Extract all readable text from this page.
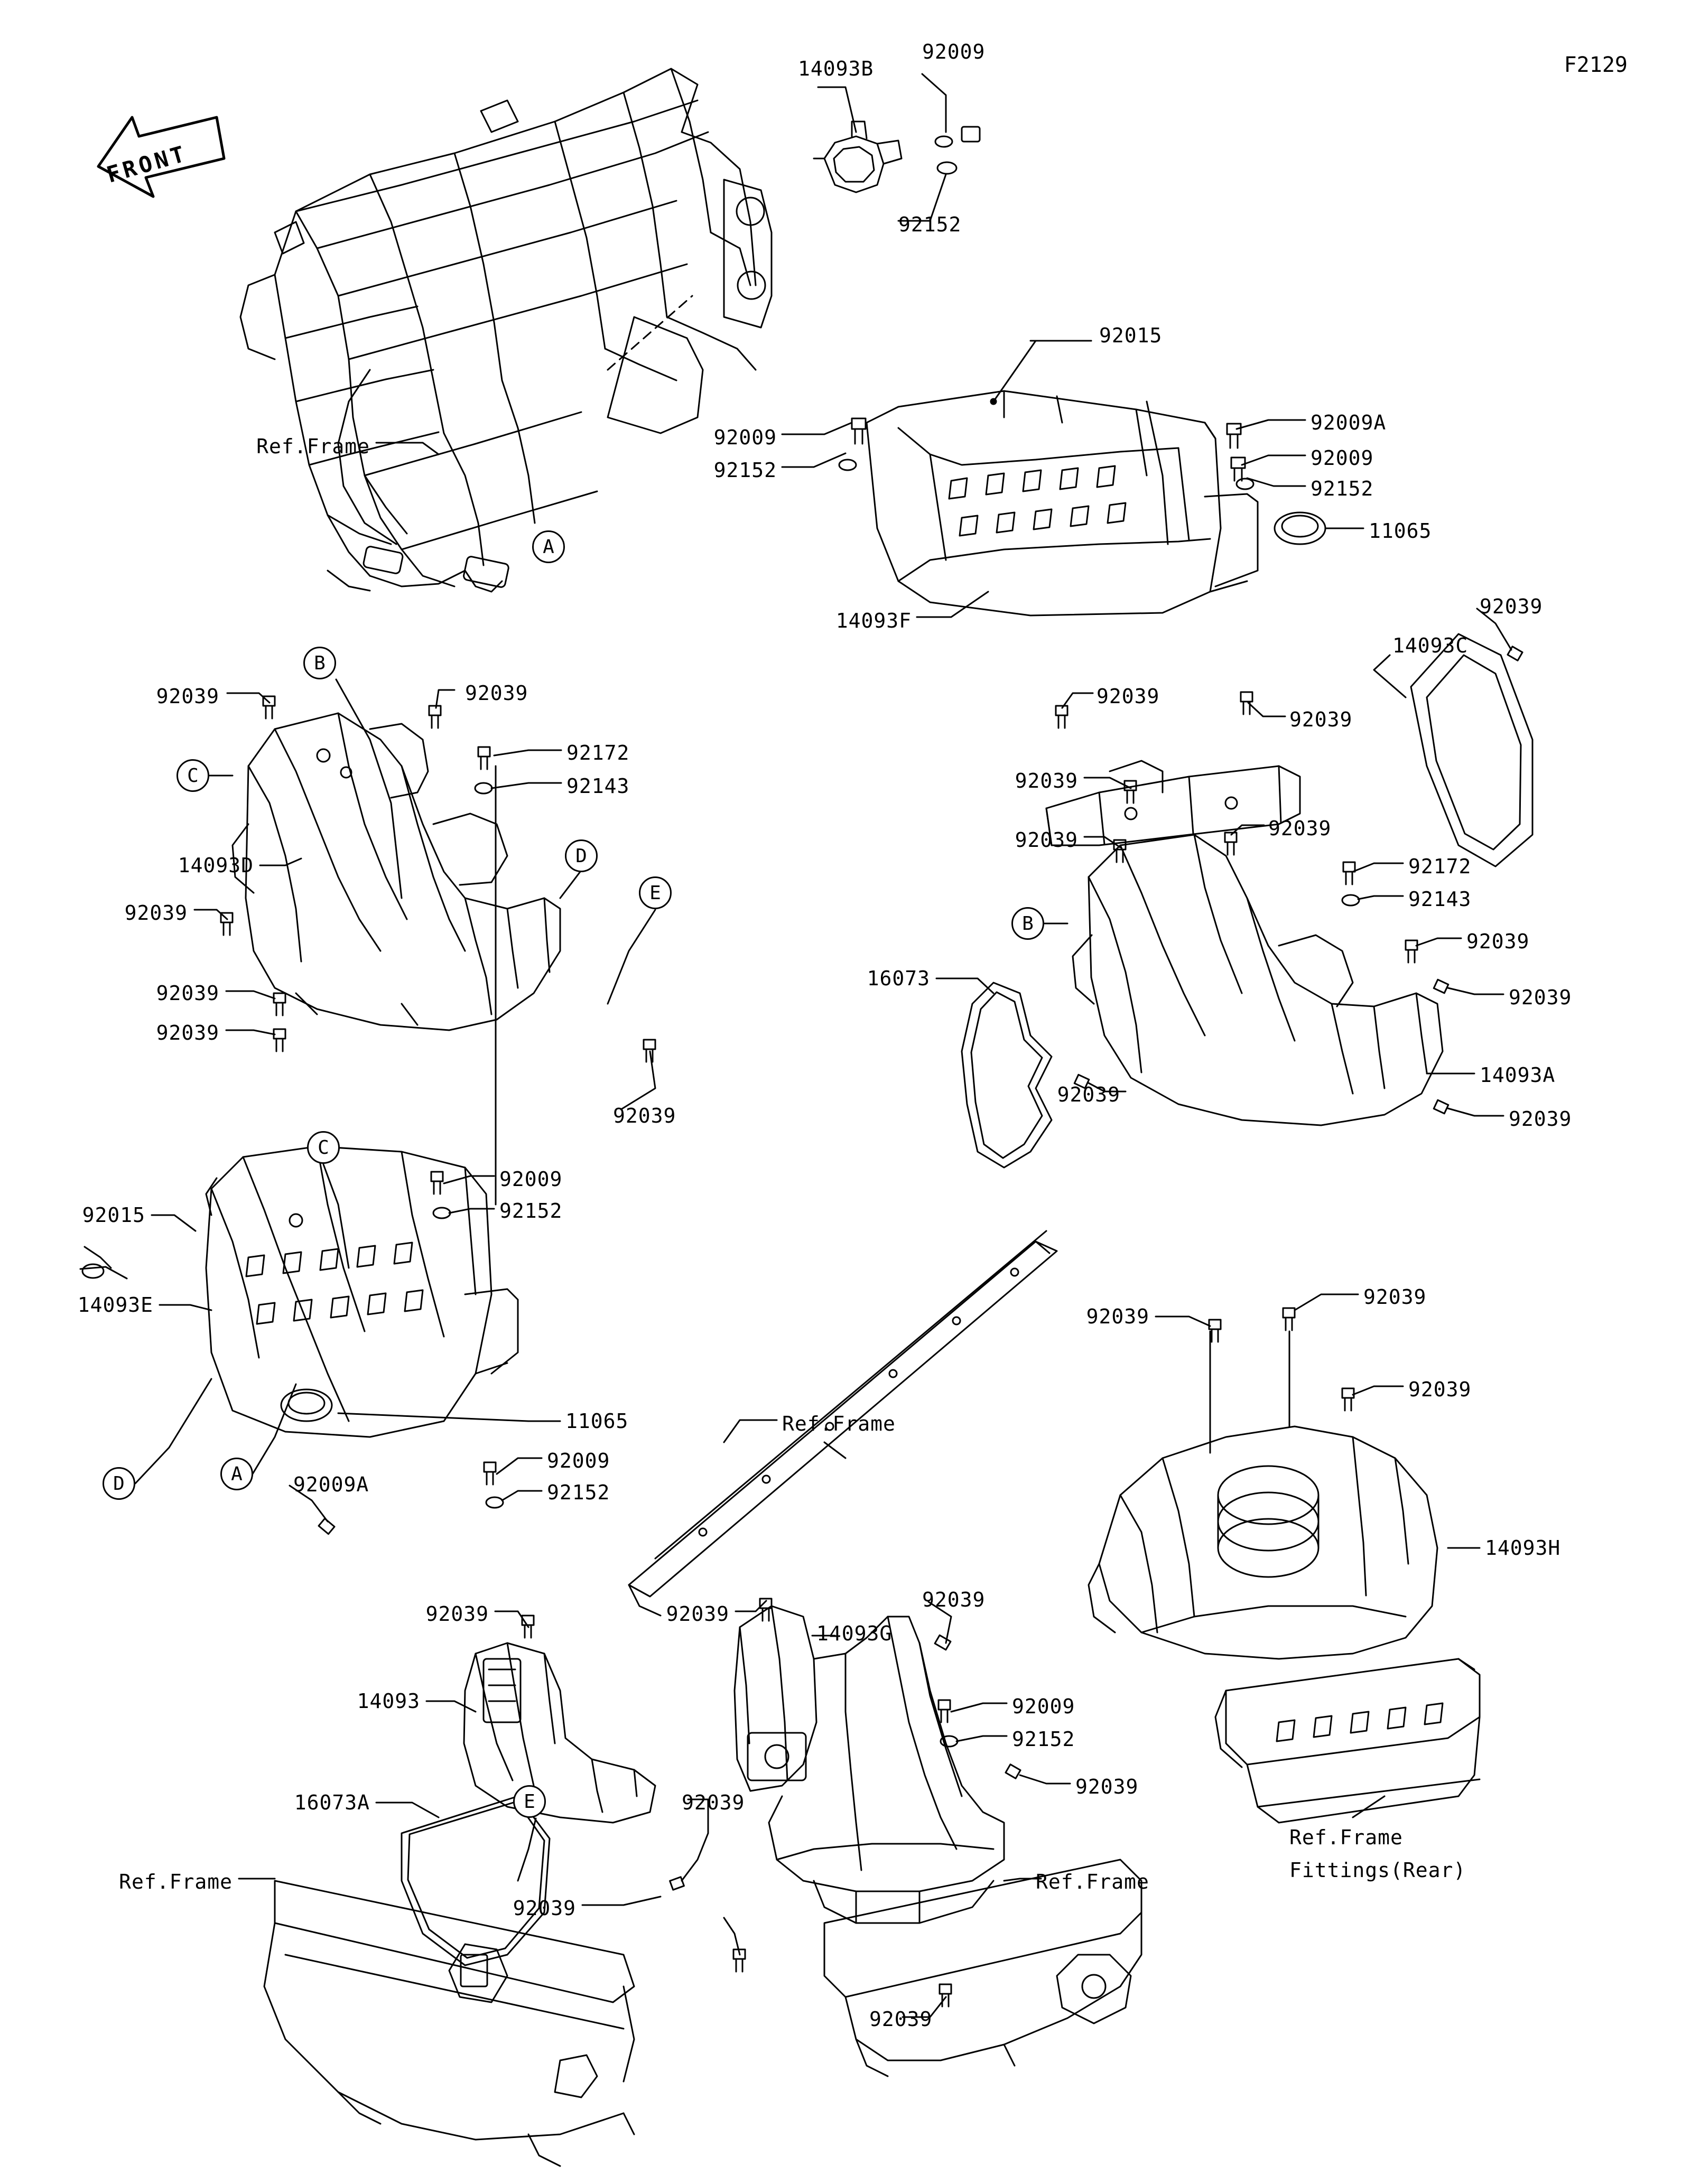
FRONT
F2129
14093B
92009
92152
92015
92009A
92009
92152
11065
92009
92152
14093F
Ref.Frame
92039	92039
92172
92143
14093D
92039
92039
92039
92039
92039
92039
14093C
92039
92039
92039	92039
92172
92143
92039
92039
14093A
92039
16073
92039
92015
14093E
92009
92152
11065
92009
92152
92009A
Ref.Frame
92039
92039
92039
14093H
Ref.Frame
Fittings(Rear)
92039
14093
16073A
Ref.Frame
92039
14093G
92039
92009
92152
92039
92039
92039
92039
Ref.Frame
A
B
C
D
E
B
C
D	A
E
